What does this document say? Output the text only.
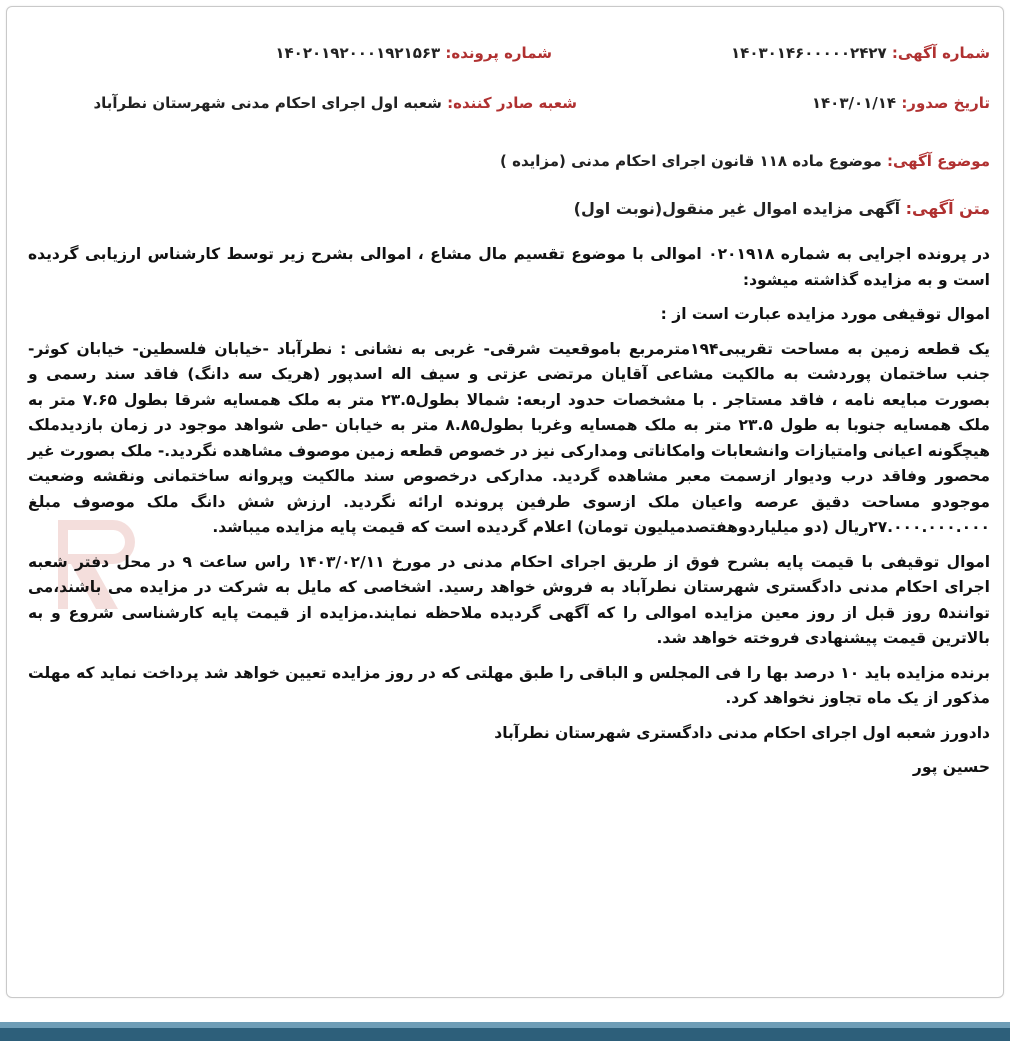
شماره آگهی: ۱۴۰۳۰۱۴۶۰۰۰۰۰۲۴۲۷
شماره پرونده: ۱۴۰۲۰۱۹۲۰۰۰۱۹۲۱۵۶۳
تاریخ صدور: ۱۴۰۳/۰۱/۱۴
شعبه صادر کننده: شعبه اول اجرای احکام مدنی شهرستان نطرآباد
موضوع آگهی: موضوع ماده ۱۱۸ قانون اجرای احکام مدنی (مزایده )
متن آگهی: آگهی مزایده اموال غیر منقول(نوبت اول)

در پرونده اجرایی به شماره ۰۲۰۱۹۱۸ اموالی با موضوع تقسیم مال مشاع ، اموالی بشرح زیر توسط کارشناس ارزیابی گردیده است و به مزایده گذاشته میشود:

اموال توقیفی مورد مزایده عبارت است از :

یک قطعه زمین به مساحت تقریبی۱۹۴مترمربع باموقعیت شرقی- غربی به نشانی : نطرآباد -خیابان فلسطین- خیابان کوثر- جنب ساختمان پوردشت به مالکیت مشاعی آقایان مرتضی عزتی و سیف اله اسدپور (هریک سه دانگ) فاقد سند رسمی و بصورت مبایعه نامه ، فاقد مستاجر . با مشخصات حدود اربعه: شمالا بطول۲۳.۵ متر به ملک همسایه شرقا بطول ۷.۶۵ متر به ملک همسایه جنوبا به طول ۲۳.۵ متر به ملک همسایه وغربا بطول۸.۸۵ متر به خیابان -طی شواهد موجود در زمان بازدیدملک هیچگونه اعیانی وامتیازات وانشعابات وامکاناتی ومدارکی نیز در خصوص قطعه زمین موصوف مشاهده نگردید.- ملک بصورت غیر محصور وفاقد درب ودیوار ازسمت معبر مشاهده گردید. مدارکی درخصوص سند مالکیت وپروانه ساختمانی ونقشه وضعیت موجودو مساحت دقیق عرصه واعیان ملک ازسوی طرفین پرونده ارائه نگردید. ارزش شش دانگ ملک موصوف مبلغ ۲۷.۰۰۰.۰۰۰.۰۰۰ریال (دو میلیاردوهفتصدمیلیون تومان) اعلام گردیده است که قیمت پایه مزایده میباشد.

اموال توقیفی با قیمت پایه بشرح فوق از طریق اجرای احکام مدنی در مورخ ۱۴۰۳/۰۲/۱۱ راس ساعت ۹ در محل دفتر شعبه اجرای احکام مدنی دادگستری شهرستان نطرآباد به فروش خواهد رسید. اشخاصی که مایل به شرکت در مزایده می باشند،می توانند۵ روز قبل از روز معین مزایده اموالی را که آگهی گردیده ملاحظه نمایند.مزایده از قیمت پایه کارشناسی شروع و به بالاترین قیمت پیشنهادی فروخته خواهد شد.

برنده مزایده باید ۱۰ درصد بها را فی المجلس و الباقی را طبق مهلتی که در روز مزایده تعیین خواهد شد پرداخت نماید که مهلت مذکور از یک ماه تجاوز نخواهد کرد.

دادورز شعبه اول اجرای احکام مدنی دادگستری شهرستان نطرآباد

حسین پور
